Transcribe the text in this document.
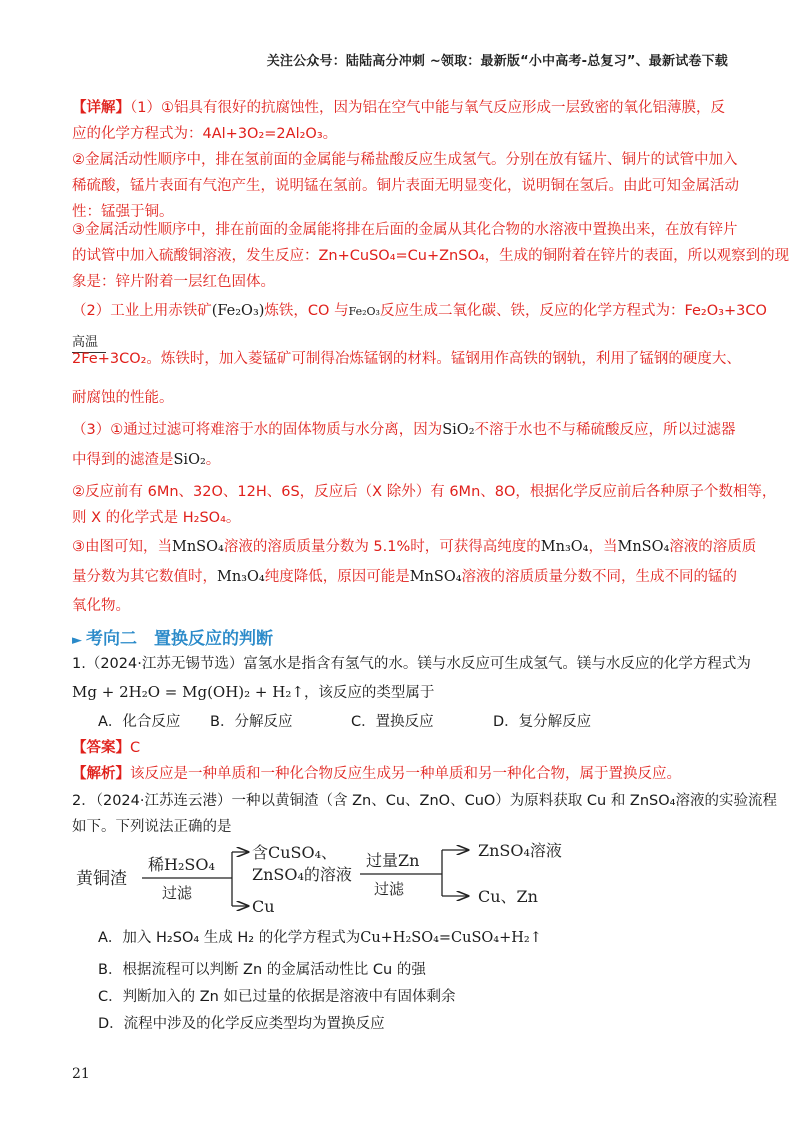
关注公众号：陆陆高分冲刺 ~领取：最新版“小中高考-总复习”、最新试卷下载
【详解】（1）①铝具有很好的抗腐蚀性，因为铝在空气中能与氧气反应形成一层致密的氧化铝薄膜，反
应的化学方程式为：4Al+3O₂=2Al₂O₃。
②金属活动性顺序中，排在氢前面的金属能与稀盐酸反应生成氢气。分别在放有锰片、铜片的试管中加入
稀硫酸，锰片表面有气泡产生，说明锰在氢前。铜片表面无明显变化，说明铜在氢后。由此可知金属活动
性：锰强于铜。
③金属活动性顺序中，排在前面的金属能将排在后面的金属从其化合物的水溶液中置换出来，在放有锌片
的试管中加入硫酸铜溶液，发生反应：Zn+CuSO₄=Cu+ZnSO₄，生成的铜附着在锌片的表面，所以观察到的现
象是：锌片附着一层红色固体。
（2）工业上用赤铁矿(Fe₂O₃)炼铁，CO 与Fe₂O₃反应生成二氧化碳、铁，反应的化学方程式为：Fe₂O₃+3CO
高温
2Fe+3CO₂。炼铁时，加入菱锰矿可制得冶炼锰钢的材料。锰钢用作高铁的钢轨，利用了锰钢的硬度大、
耐腐蚀的性能。
（3）①通过过滤可将难溶于水的固体物质与水分离，因为SiO₂不溶于水也不与稀硫酸反应，所以过滤器
中得到的滤渣是SiO₂。
②反应前有 6Mn、32O、12H、6S，反应后（X 除外）有 6Mn、8O，根据化学反应前后各种原子个数相等，
则 X 的化学式是 H₂SO₄。
③由图可知，当MnSO₄溶液的溶质质量分数为 5.1%时，可获得高纯度的Mn₃O₄，当MnSO₄溶液的溶质质
量分数为其它数值时，Mn₃O₄纯度降低，原因可能是MnSO₄溶液的溶质质量分数不同，生成不同的锰的
氧化物。
► 考向二　置换反应的判断
1.（2024·江苏无锡节选）富氢水是指含有氢气的水。镁与水反应可生成氢气。镁与水反应的化学方程式为
Mg + 2H₂O = Mg(OH)₂ + H₂↑，该反应的类型属于
A．化合反应 B．分解反应	C．置换反应	D．复分解反应
【答案】C
【解析】该反应是一种单质和一种化合物反应生成另一种单质和另一种化合物，属于置换反应。
2．（2024·江苏连云港）一种以黄铜渣（含 Zn、Cu、ZnO、CuO）为原料获取 Cu 和 ZnSO₄溶液的实验流程
如下。下列说法正确的是
黄铜渣
稀H₂SO₄
过滤
含CuSO₄、
ZnSO₄的溶液
Cu
过量Zn
过滤
ZnSO₄溶液
Cu、Zn
A．加入 H₂SO₄ 生成 H₂ 的化学方程式为Cu+H₂SO₄=CuSO₄+H₂↑
B．根据流程可以判断 Zn 的金属活动性比 Cu 的强
C．判断加入的 Zn 如已过量的依据是溶液中有固体剩余
D．流程中涉及的化学反应类型均为置换反应
21
